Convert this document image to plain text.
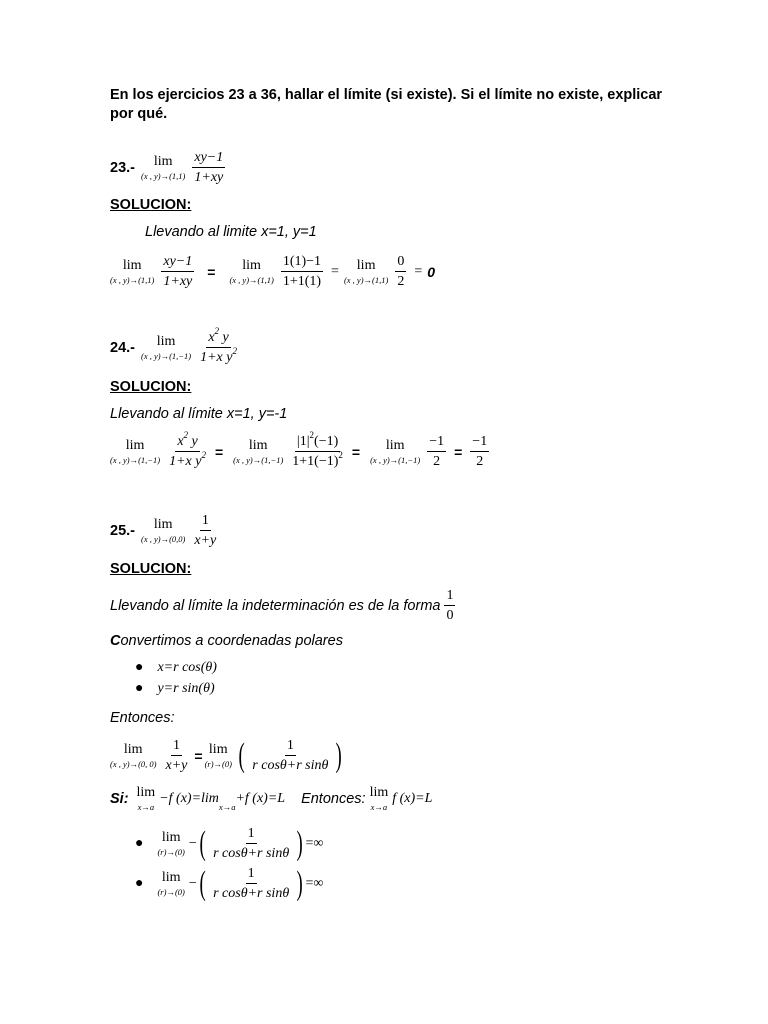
En los ejercicios 23 a 36, hallar el límite (si existe). Si el límite no existe, explicar por qué.
23.- lim
(x , $y)\to(1,1) \frac{xy-1}{1+xy}$
SOLUCION:
Llevando al limite x=1, y=1
lim
(x , $y)\to(1,1) \frac{xy-1}{1+xy} = \lim$
(x , $y)\to(1,1) \frac{1(1)-1}{1+1(1)} = \lim$
(x , $y)\to(1,1) \frac{0}{2} = 0$
24.- lim
(x , $y)\to(1,-1) \frac{x^2 y}{1+x y^2}$
SOLUCION:
Llevando al límite x=1, y=-1
lim
(x , $y)\to(1,-1) \frac{x^2 y}{1+x y^2} = \lim$
(x , $y)\to(1,-1) \frac{|1|^2(-1)}{1+1(-1)^2} = \lim$
(x , $y)\to(1,-1) \frac{-1}{2} = \frac{-1}{2}$
25.- lim
(x , $y)\to(0,0) \frac{1}{x+y}$
SOLUCION:
Llevando al límite la indeterminación es de la forma $\frac{1}{0}$
Convertimos a coordenadas polares
● x=r cos(θ)
● y=r sin(θ)
Entonces:
lim
(x , y)→(0, $0) \frac{1}{x+y} = \lim$
(r)→(0) ( $\frac{1}{\text{r cosθ+r sinθ}}$ )
Si: lim
x→a
−f (x)=lim
x→a
+f (x)=L Entonces: lim
x→a
f (x)=L
● lim
(r)→(0)
− ( $\frac{1}{\text{r cosθ+r sinθ}}$ ) =∞
● lim
(r)→(0)
− ( $\frac{1}{\text{r cosθ+r sinθ}}$ ) =∞
